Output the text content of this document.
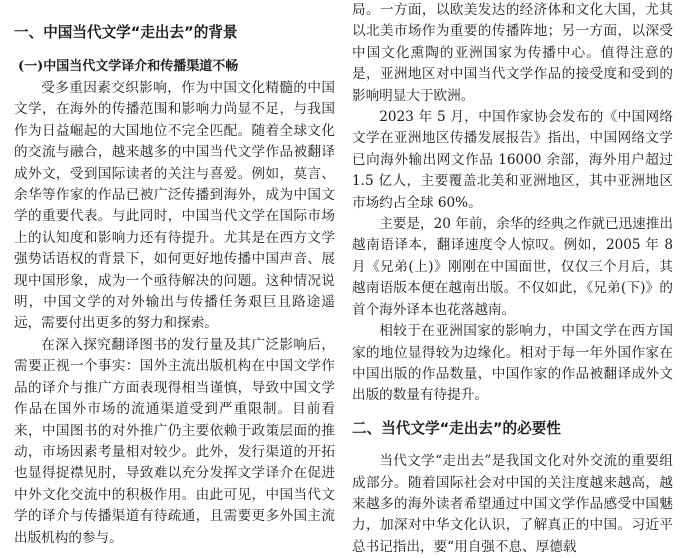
一、中国当代文学“走出去”的背景
(一)中国当代文学译介和传播渠道不畅

受多重因素交织影响，作为中国文化精髓的中国文学，在海外的传播范围和影响力尚显不足，与我国作为日益崛起的大国地位不完全匹配。随着全球文化的交流与融合，越来越多的中国当代文学作品被翻译成外文，受到国际读者的关注与喜爱。例如，莫言、余华等作家的作品已被广泛传播到海外，成为中国文学的重要代表。与此同时，中国当代文学在国际市场上的认知度和影响力还有待提升。尤其是在西方文学强势话语权的背景下，如何更好地传播中国声音、展现中国形象，成为一个亟待解决的问题。这种情况说明，中国文学的对外输出与传播任务艰巨且路途遥远，需要付出更多的努力和探索。

在深入探究翻译图书的发行量及其广泛影响后，需要正视一个事实：国外主流出版机构在中国文学作品的译介与推广方面表现得相当谨慎，导致中国文学作品在国外市场的流通渠道受到严重限制。目前看来，中国图书的对外推广仍主要依赖于政策层面的推动，市场因素考量相对较少。此外，发行渠道的开拓也显得捉襟见肘，导致难以充分发挥文学译介在促进中外文化交流中的积极作用。由此可见，中国当代文学的译介与传播渠道有待疏通，且需要更多外国主流出版机构的参与。

局。一方面，以欧美发达的经济体和文化大国，尤其以北美市场作为重要的传播阵地；另一方面，以深受中国文化熏陶的亚洲国家为传播中心。值得注意的是，亚洲地区对中国当代文学作品的接受度和受到的影响明显大于欧洲。

2023 年 5 月，中国作家协会发布的《中国网络文学在亚洲地区传播发展报告》指出，中国网络文学已向海外输出网文作品 16000 余部，海外用户超过 1.5 亿人，主要覆盖北美和亚洲地区，其中亚洲地区市场约占全球 60%。

主要是，20 年前，余华的经典之作就已迅速推出越南语译本，翻译速度令人惊叹。例如，2005 年 8 月《兄弟(上)》刚刚在中国面世，仅仅三个月后，其越南语版本便在越南出版。不仅如此，《兄弟(下)》的首个海外译本也花落越南。

相较于在亚洲国家的影响力，中国文学在西方国家的地位显得较为边缘化。相对于每一年外国作家在中国出版的作品数量，中国作家的作品被翻译成外文出版的数量有待提升。

二、当代文学“走出去”的必要性

当代文学“走出去”是我国文化对外交流的重要组成部分。随着国际社会对中国的关注度越来越高，越来越多的海外读者希望通过中国文学作品感受中国魅力，加深对中华文化认识，了解真正的中国。习近平总书记指出，要“用自强不息、厚德载
